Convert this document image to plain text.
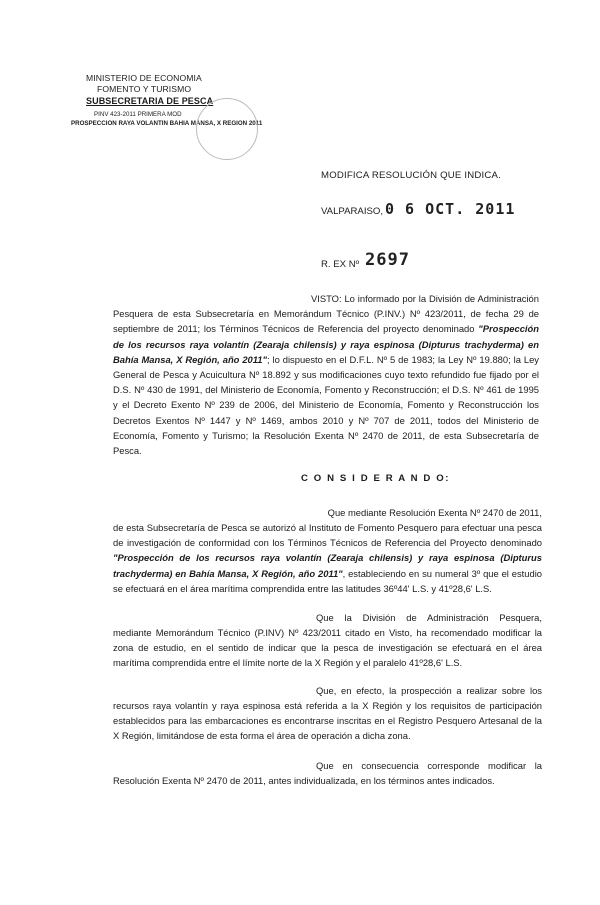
MINISTERIO DE ECONOMIA
FOMENTO Y TURISMO
SUBSECRETARIA DE PESCA
PINV 423-2011 PRIMERA MOD
PROSPECCION RAYA VOLANTIN BAHIA MANSA, X REGION 2011
MODIFICA RESOLUCIÓN QUE INDICA.
VALPARAISO, 0 6 OCT. 2011
R. EX Nº 2697
VISTO: Lo informado por la División de Administración Pesquera de esta Subsecretaría en Memorándum Técnico (P.INV.) Nº 423/2011, de fecha 29 de septiembre de 2011; los Términos Técnicos de Referencia del proyecto denominado "Prospección de los recursos raya volantín (Zearaja chilensis) y raya espinosa (Dipturus trachyderma) en Bahía Mansa, X Región, año 2011"; lo dispuesto en el D.F.L. Nº 5 de 1983; la Ley Nº 19.880; la Ley General de Pesca y Acuicultura Nº 18.892 y sus modificaciones cuyo texto refundido fue fijado por el D.S. Nº 430 de 1991, del Ministerio de Economía, Fomento y Reconstrucción; el D.S. Nº 461 de 1995 y el Decreto Exento Nº 239 de 2006, del Ministerio de Economía, Fomento y Reconstrucción los Decretos Exentos Nº 1447 y Nº 1469, ambos 2010 y Nº 707 de 2011, todos del Ministerio de Economía, Fomento y Turismo; la Resolución Exenta Nº 2470 de 2011, de esta Subsecretaría de Pesca.
C O N S I D E R A N D O:
Que mediante Resolución Exenta Nº 2470 de 2011,
de esta Subsecretaría de Pesca se autorizó al Instituto de Fomento Pesquero para efectuar una pesca de investigación de conformidad con los Términos Técnicos de Referencia del Proyecto denominado "Prospección de los recursos raya volantín (Zearaja chilensis) y raya espinosa (Dipturus trachyderma) en Bahía Mansa, X Región, año 2011", estableciendo en su numeral 3º que el estudio se efectuará en el área marítima comprendida entre las latitudes 36º44' L.S. y 41º28,6' L.S.
Que la División de Administración Pesquera,
mediante Memorándum Técnico (P.INV) Nº 423/2011 citado en Visto, ha recomendado modificar la zona de estudio, en el sentido de indicar que la pesca de investigación se efectuará en el área marítima comprendida entre el límite norte de la X Región y el paralelo 41º28,6' L.S.
Que, en efecto, la prospección a realizar sobre los
recursos raya volantín y raya espinosa está referida a la X Región y los requisitos de participación establecidos para las embarcaciones es encontrarse inscritas en el Registro Pesquero Artesanal de la X Región, limitándose de esta forma el área de operación a dicha zona.
Que en consecuencia corresponde modificar la
Resolución Exenta Nº 2470 de 2011, antes individualizada, en los términos antes indicados.
